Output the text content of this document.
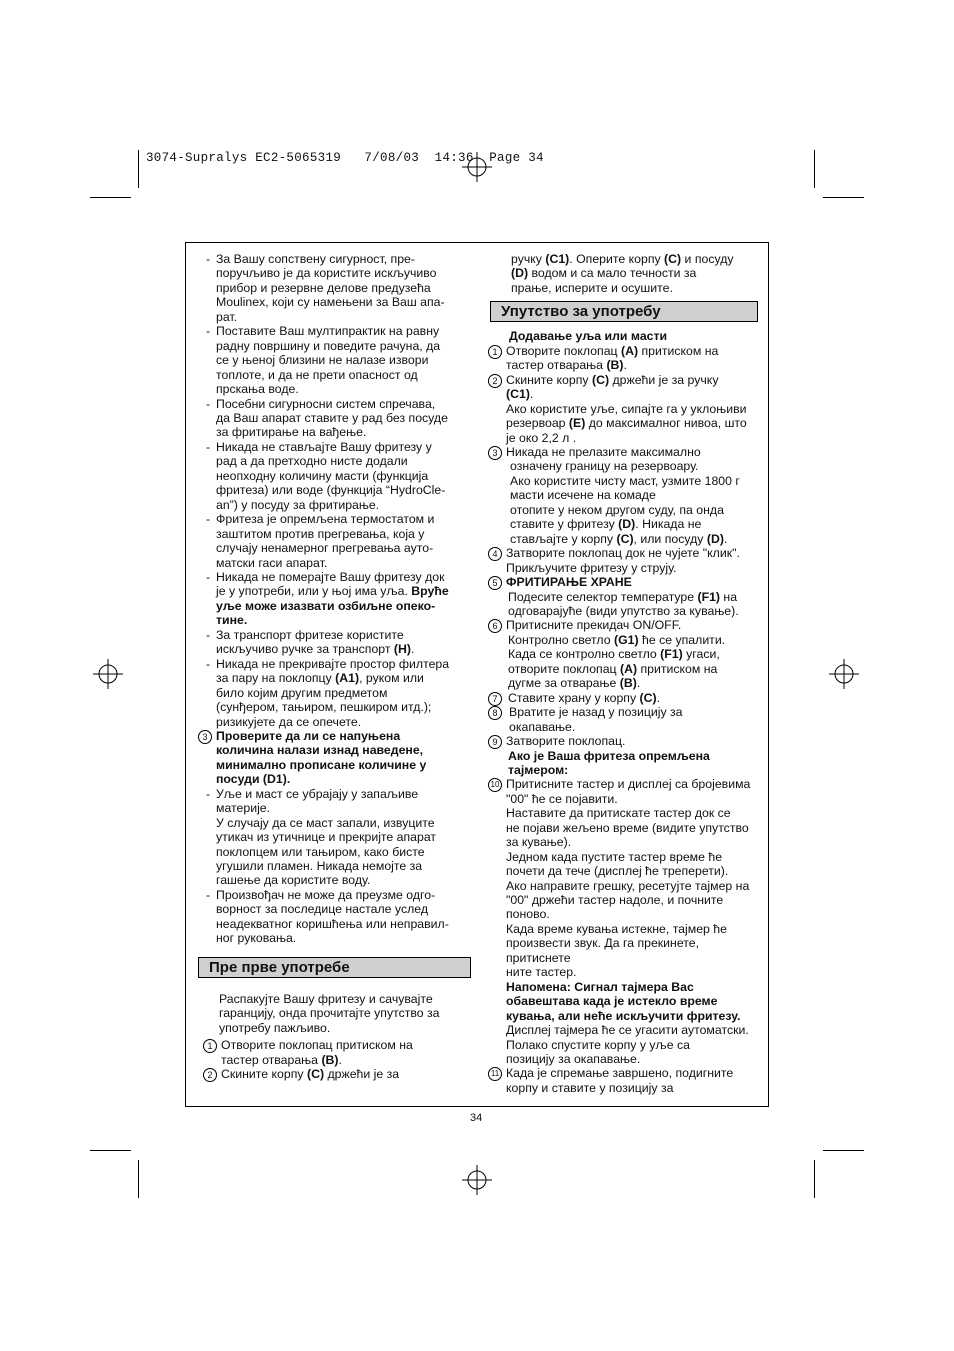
3074-Supralys EC2-5065319   7/08/03  14:36  Page 34

- За Вашу сопствену сигурност, пре-

поручљиво је да користите искључиво

прибор и резервне делове предузећа

Moulinex, који су намењени за Ваш апа-

рат.

- Поставите Ваш мултипрактик на равну

радну површину и поведите рачуна, да

се у њеној близини не налазе извори

топлоте, и да не прети опасност од

прскања воде.

- Посебни сигурносни систем спречава,

да Ваш апарат ставите у рад без посуде

за фритирање на вађење.

- Никада не стављајте Вашу фритезу у

рад а да претходно нисте додали

неопходну количину масти (функција

фритеза) или воде (функција “HydroCle-

an”) у посуду за фритирање.

- Фритеза је опремљена термостатом и

заштитом против прегревања, која у

случају ненамерног прегревања ауто-

матски гаси апарат.

- Никада не померајте Вашу фритезу док

је у употреби, или у њој има уља. Вруће

уље може изазвати озбиљне опеко-

тине.

- За транспорт фритезе користите

искључиво ручке за транспорт (H).

- Никада не прекривајте простор филтера

за пару на поклопцу (A1), руком или

било којим другим предметом

(сунђером, тањиром, пешкиром итд.);

ризикујете да се опечете.

3 Проверите да ли се напуњена

количина налази изнад наведене,

минимално прописане количине у

посуди (D1).

- Уље и маст се убрајају у запаљиве

материје.

У случају да се маст запали, извуците

утикач из утичнице и прекријте апарат

поклопцем или тањиром, како бисте

угушили пламен. Никада немојте за

гашење да користите воду.

- Произвођач не може да преузме одго-

ворност за последице настале услед

неадекватног коришћења или неправил-

ног руковања.

Пре прве употребе

Распакујте Вашу фритезу и сачувајте

гаранцију, онда прочитајте упутство за

употребу пажљиво.

1 Отворите поклопац притиском на

тастер отварања (B).

2 Скините корпу (C) држећи је за

ручку (C1). Оперите корпу (C) и посуду

(D) водом и са мало течности за

прање, исперите и осушите.

Упутство за употребу

Додавање уља или масти

1 Отворите поклопац (A) притиском на

тастер отварања (B).

2 Скините корпу (C) држећи је за ручку

(C1).

Ако користите уље, сипајте га у уклоњиви

резервоар (E) до максималног нивоа, што

је око 2,2 л .

3 Никада не прелазите максимално

означену границу на резервоару.

Ако користите чисту маст, узмите 1800 г

масти исечене на комаде

отопите у неком другом суду, па онда

ставите у фритезу (D). Никада не

стављајте у корпу (C), или посуду (D).

4 Затворите поклопац док не чујете "клик".

Прикључите фритезу у струју.

5 ФРИТИРАЊЕ ХРАНЕ

Подесите селектор температуре (F1) на

одговарајуће (види упутство за кување).

6 Притисните прекидач ON/OFF.

Контролно светло (G1) ће се упалити.

Када се контролно светло (F1) угаси,

отворите поклопац (A) притиском на

дугме за отварање (B).

7 Ставите храну у корпу (C).

8 Вратите је назад у позицију за

окапавање.

9 Затворите поклопац.

Ако је Ваша фритеза опремљена

тајмером:

10 Притисните тастер и дисплеј са бројевима

"00" ће се појавити.

Наставите да притискате тастер док се

не појави жељено време (видите упутство

за кување).

Једном када пустите тастер време ће

почети да тече (дисплеј ће треперети).

Ако направите грешку, ресетујте тајмер на

"00" држећи тастер надоле, и почните

поново.

Када време кувања истекне, тајмер ће

произвести звук. Да га прекинете, притиснете

ните тастер.

Напомена: Сигнал тајмера Вас

обавештава када је истекло време

кувања, али неће искључити фритезу.

Дисплеј тајмера ће се угасити аутоматски.

Полако спустите корпу у уље са

позицију за окапавање.

11 Када је спремање завршено, подигните

корпу и ставите у позицију за

34
